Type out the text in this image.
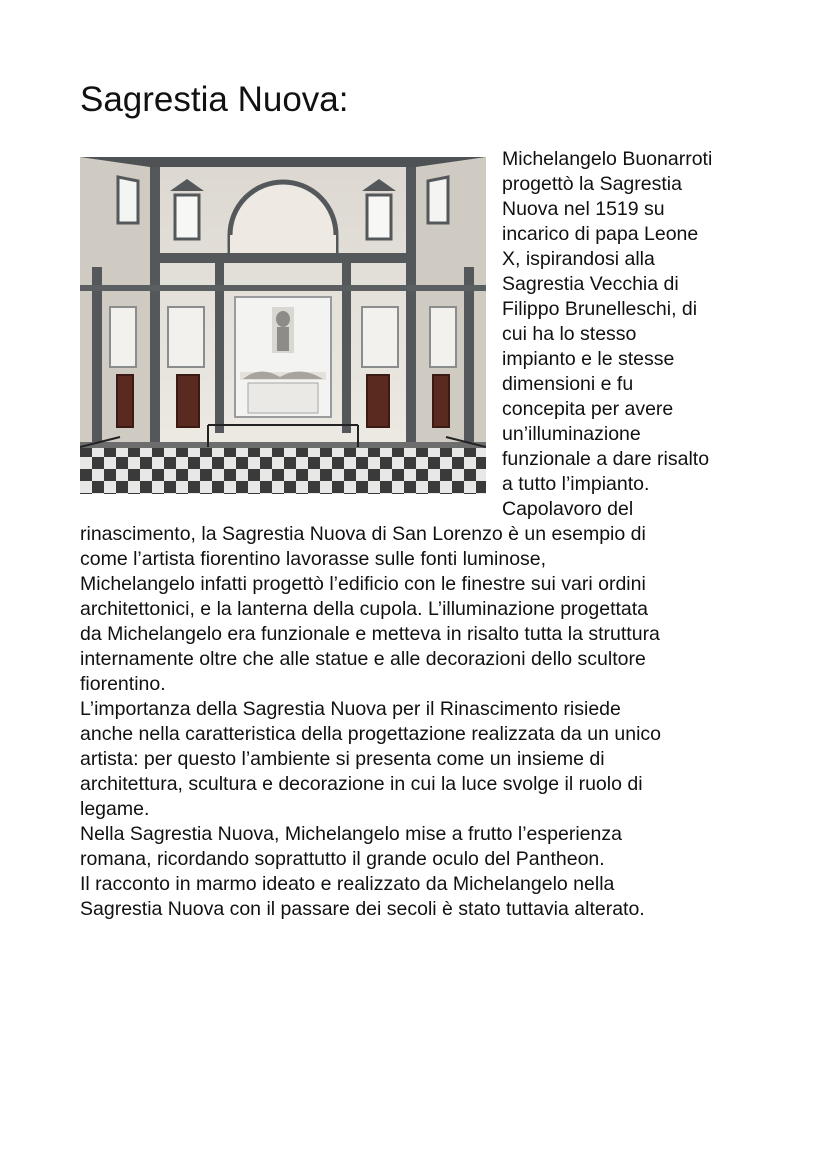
Sagrestia Nuova:
Michelangelo Buonarroti
progettò la Sagrestia
Nuova nel 1519 su
incarico di papa Leone
X, ispirandosi alla
Sagrestia Vecchia di
Filippo Brunelleschi, di
cui ha lo stesso
impianto e le stesse
dimensioni e fu
concepita per avere
un’illuminazione
funzionale a dare risalto
a tutto l’impianto.
Capolavoro del
rinascimento, la Sagrestia Nuova di San Lorenzo è un esempio di
come l’artista fiorentino lavorasse sulle fonti luminose,
Michelangelo infatti progettò l’edificio con le finestre sui vari ordini
architettonici, e la lanterna della cupola. L’illuminazione progettata
da Michelangelo era funzionale e metteva in risalto tutta la struttura
internamente oltre che alle statue e alle decorazioni dello scultore
fiorentino.
L’importanza della Sagrestia Nuova per il Rinascimento risiede
anche nella caratteristica della progettazione realizzata da un unico
artista: per questo l’ambiente si presenta come un insieme di
architettura, scultura e decorazione in cui la luce svolge il ruolo di
legame.
Nella Sagrestia Nuova, Michelangelo mise a frutto l’esperienza
romana, ricordando soprattutto il grande oculo del Pantheon.
Il racconto in marmo ideato e realizzato da Michelangelo nella
Sagrestia Nuova con il passare dei secoli è stato tuttavia alterato.
